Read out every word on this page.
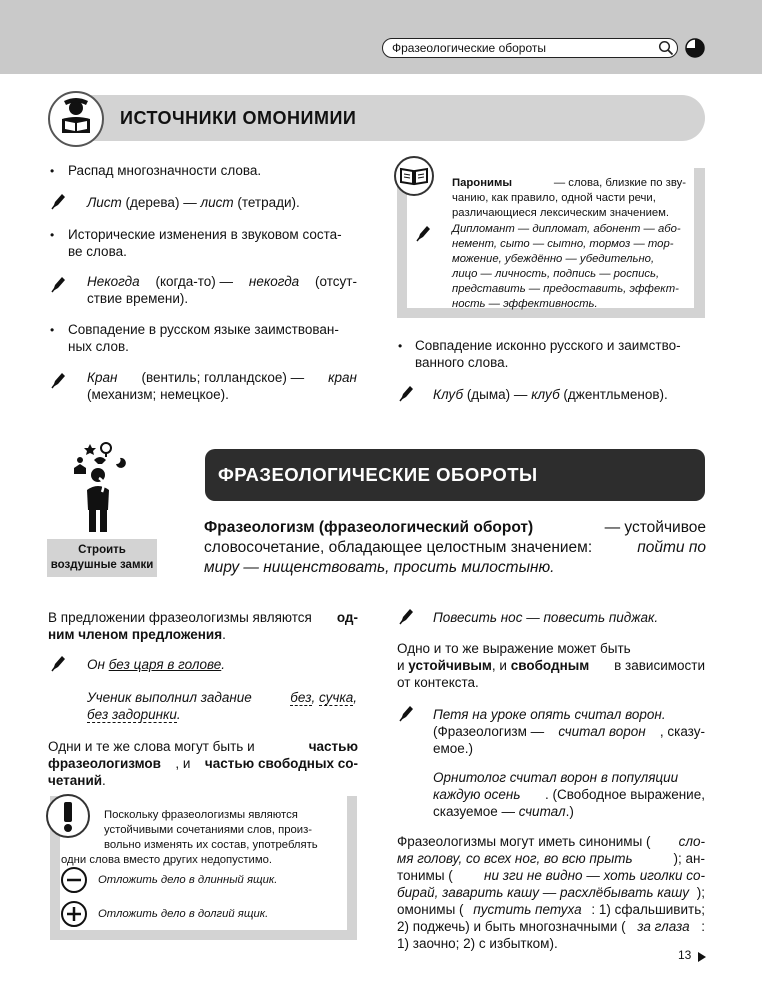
Фразеологические обороты
ИСТОЧНИКИ ОМОНИМИИ
• Распад многозначности слова.
Лист (дерева) — лист (тетради).
• Исторические изменения в звуковом соста-
ве слова.
Некогда (когда-то) — некогда (отсут-
ствие времени).
• Совпадение в русском языке заимствован-
ных слов.
Кран (вентиль; голландское) — кран
(механизм; немецкое).
Паронимы	— слова, близкие по зву-
чанию, как правило, одной части речи,
различающиеся лексическим значением.
Дипломант — дипломат, абонент — або-
немент, сыто — сытно, тормоз — тор-
можение, убеждённо — убедительно,
лицо — личность, подпись — роспись,
представить — предоставить, эффект-
ность — эффективность.
• Совпадение исконно русского и заимство-
ванного слова.
Клуб (дыма) — клуб (джентльменов).
Строить
воздушные замки
ФРАЗЕОЛОГИЧЕСКИЕ ОБОРОТЫ
Фразеологизм (фразеологический оборот)	— устойчивое
словосочетание, обладающее целостным значением:	пойти по
миру — нищенствовать, просить милостыню.
В предложении фразеологизмы являются од-
ним членом предложения.
Он без царя в голове.
Ученик выполнил задание	без, сучка,
без задоринки.
Одни и те же слова могут быть и	частью
фразеологизмов , и частью свободных со-
четаний.
Поскольку фразеологизмы являются
устойчивыми сочетаниями слов, произ-
вольно изменять их состав, употреблять
одни слова вместо других недопустимо.
Отложить дело в длинный ящик.
Отложить дело в долгий ящик.
Повесить нос — повесить пиджак.
Одно и то же выражение может быть
и устойчивым, и свободным в зависимости
от контекста.
Петя на уроке опять считал ворон.
(Фразеологизм — считал ворон , сказу-
емое.)
Орнитолог считал ворон в популяции
каждую осень . (Свободное выражение,
сказуемое — считал.)
Фразеологизмы могут иметь синонимы ( сло-
мя голову, со всех ног, во всю прыть	); ан-
тонимы ( ни зги не видно — хоть иголки со-
бирай, заварить кашу — расхлёбывать кашу );
омонимы ( пустить петуха : 1) сфальшивить;
2) поджечь) и быть многозначными ( за глаза :
1) заочно; 2) с избытком).
13
